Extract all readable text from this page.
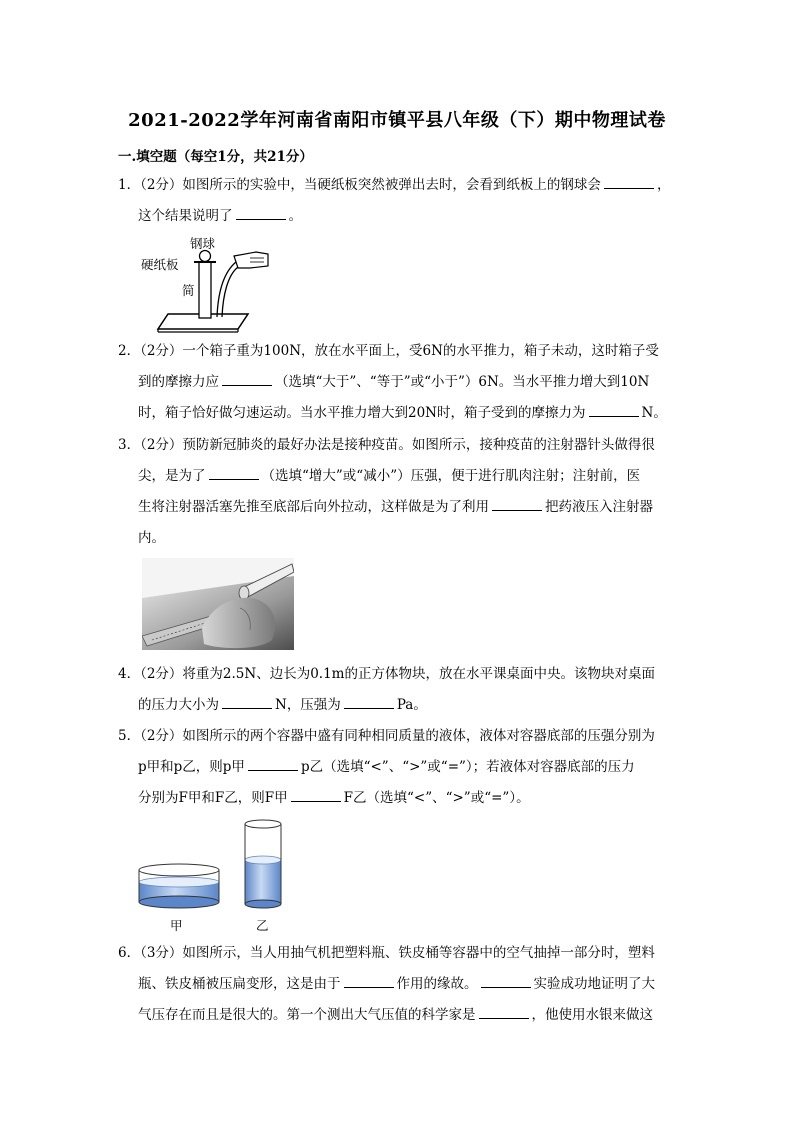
2021-2022学年河南省南阳市镇平县八年级（下）期中物理试卷
一.填空题（每空1分，共21分）
1．（2分）如图所示的实验中，当硬纸板突然被弹出去时，会看到纸板上的钢球会	，
这个结果说明了	。
钢球
硬纸板
简
2．（2分）一个箱子重为100N，放在水平面上，受6N的水平推力，箱子未动，这时箱子受
到的摩擦力应	（选填“大于”、“等于”或“小于”）6N。当水平推力增大到10N
时，箱子恰好做匀速运动。当水平推力增大到20N时，箱子受到的摩擦力为	N。
3．（2分）预防新冠肺炎的最好办法是接种疫苗。如图所示，接种疫苗的注射器针头做得很
尖，是为了	（选填“增大”或“减小”）压强，便于进行肌肉注射；注射前，医
生将注射器活塞先推至底部后向外拉动，这样做是为了利用	把药液压入注射器
内。
4．（2分）将重为2.5N、边长为0.1m的正方体物块，放在水平课桌面中央。该物块对桌面
的压力大小为	N，压强为	Pa。
5．（2分）如图所示的两个容器中盛有同种相同质量的液体，液体对容器底部的压强分别为
p甲和p乙，则p甲	p乙（选填“<”、“>”或“=”）；若液体对容器底部的压力
分别为F甲和F乙，则F甲	F乙（选填“<”、“>”或“=”）。
甲	乙
6．（3分）如图所示，当人用抽气机把塑料瓶、铁皮桶等容器中的空气抽掉一部分时，塑料
瓶、铁皮桶被压扁变形，这是由于	作用的缘故。	实验成功地证明了大
气压存在而且是很大的。第一个测出大气压值的科学家是	，他使用水银来做这
